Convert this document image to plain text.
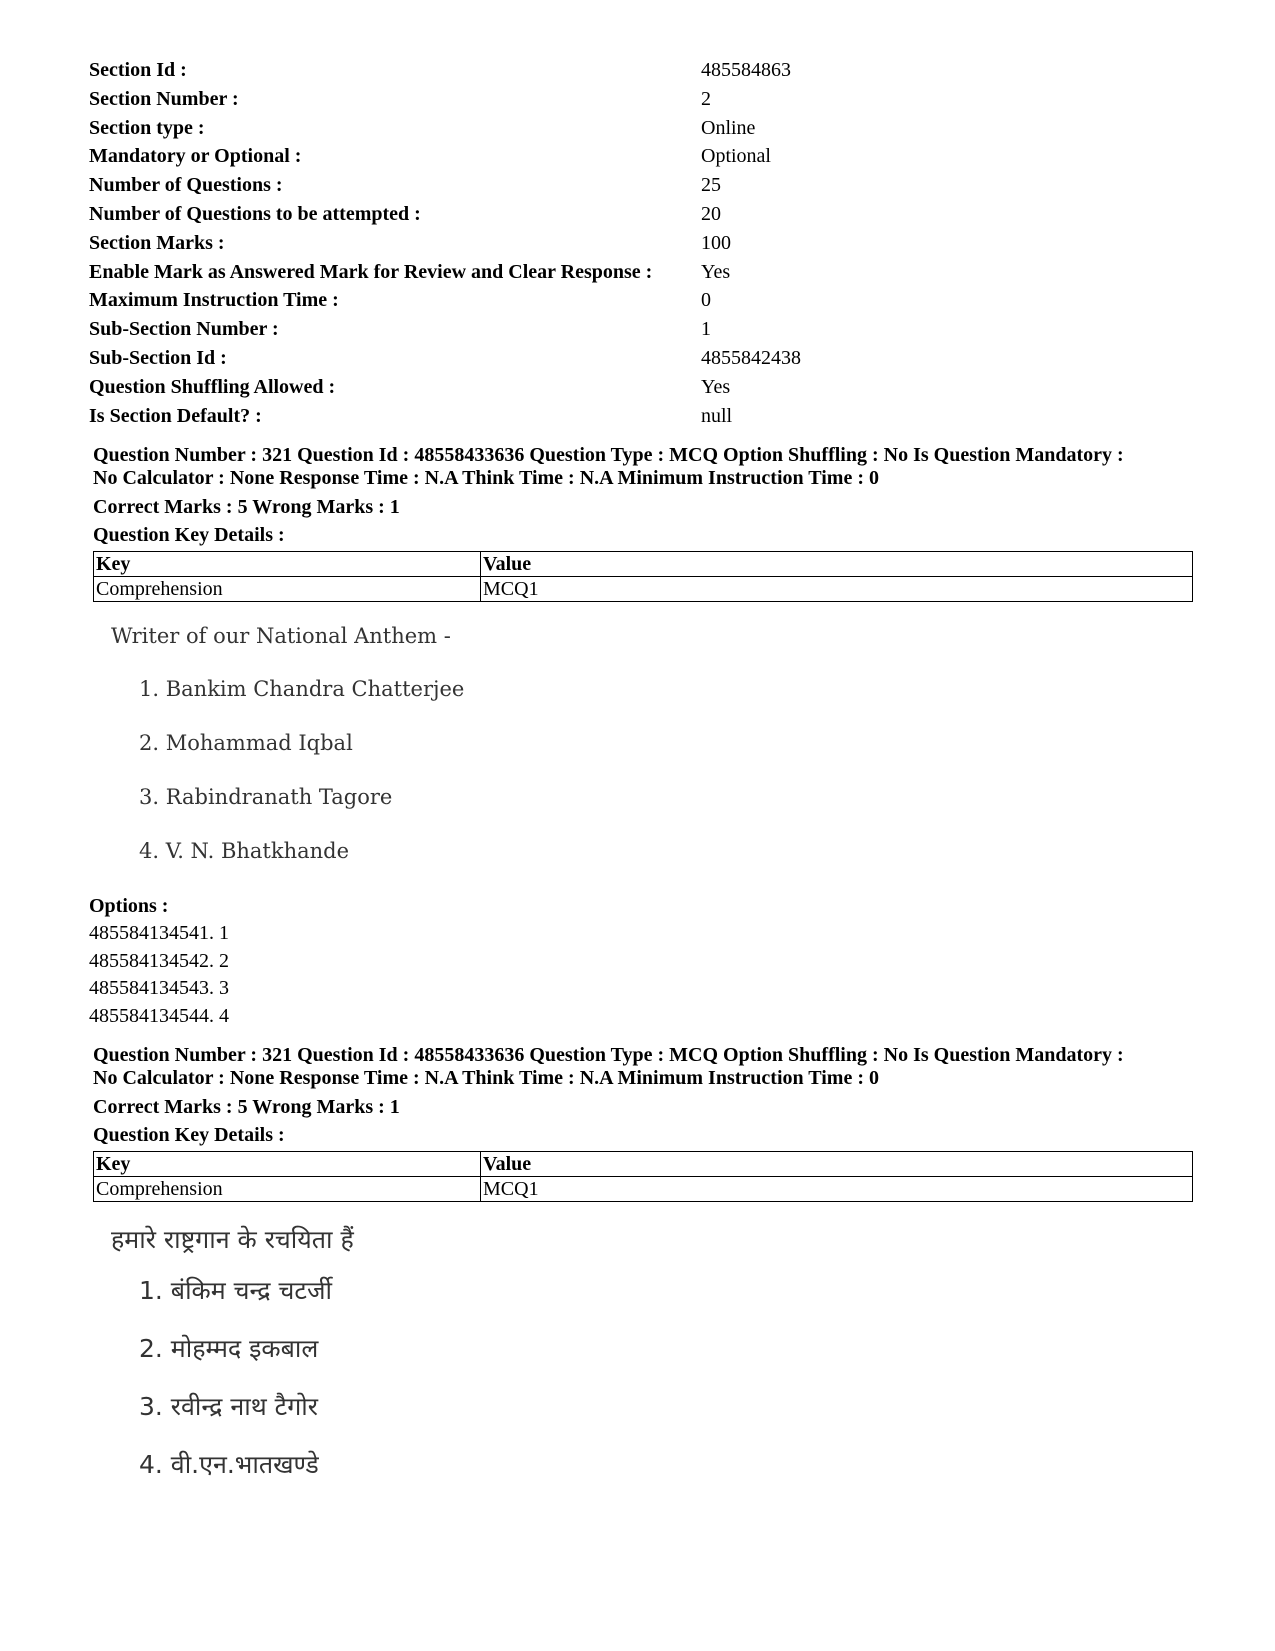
Section Id :	485584863
Section Number :	2
Section type :	Online
Mandatory or Optional :	Optional
Number of Questions :	25
Number of Questions to be attempted :	20
Section Marks :	100
Enable Mark as Answered Mark for Review and Clear Response :	Yes
Maximum Instruction Time :	0
Sub-Section Number :	1
Sub-Section Id :	4855842438
Question Shuffling Allowed :	Yes
Is Section Default? :	null
Question Number : 321 Question Id : 48558433636 Question Type : MCQ Option Shuffling : No Is Question Mandatory :
No Calculator : None Response Time : N.A Think Time : N.A Minimum Instruction Time : 0
Correct Marks : 5 Wrong Marks : 1
Question Key Details :
Key	Value
Comprehension	MCQ1
Writer of our National Anthem -
1. Bankim Chandra Chatterjee
2. Mohammad Iqbal
3. Rabindranath Tagore
4. V. N. Bhatkhande
Options :
485584134541. 1
485584134542. 2
485584134543. 3
485584134544. 4
Question Number : 321 Question Id : 48558433636 Question Type : MCQ Option Shuffling : No Is Question Mandatory :
No Calculator : None Response Time : N.A Think Time : N.A Minimum Instruction Time : 0
Correct Marks : 5 Wrong Marks : 1
Question Key Details :
Key	Value
Comprehension	MCQ1
हमारे राष्ट्रगान के रचयिता हैं
1. बंकिम चन्द्र चटर्जी
2. मोहम्मद इकबाल
3. रवीन्द्र नाथ टैगोर
4. वी.एन.भातखण्डे
